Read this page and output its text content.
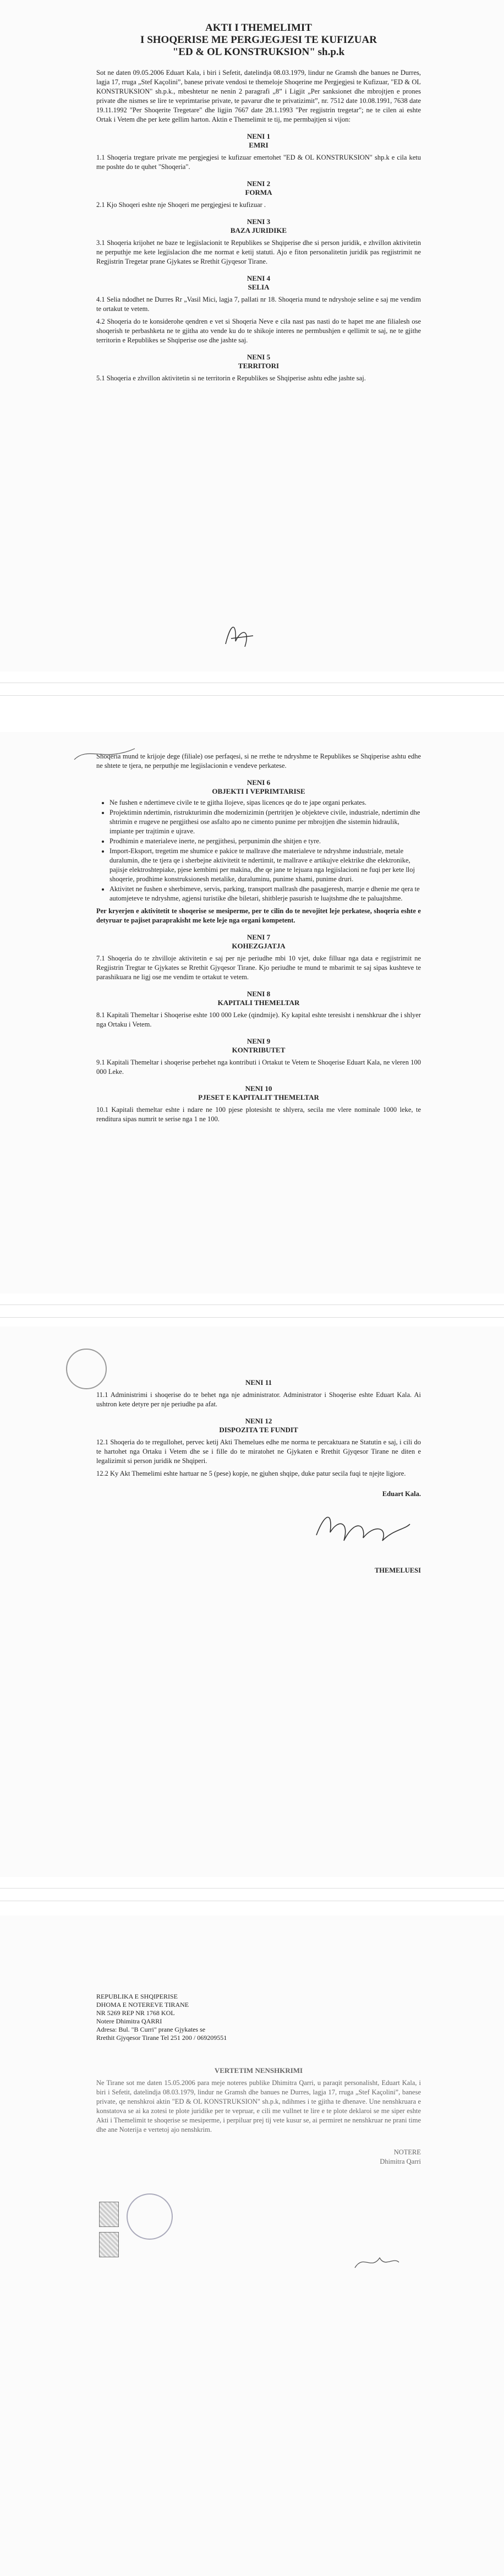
AKTI I THEMELIMIT

I SHOQERISE ME PERGJEGJESI TE KUFIZUAR

"ED & OL KONSTRUKSION" sh.p.k

Sot ne daten 09.05.2006 Eduart Kala, i biri i Sefetit, datelindja 08.03.1979, lindur ne Gramsh dhe banues ne Durres, lagja 17, rruga „Stef Kaçolini”, banese private vendosi te themeloje Shoqerine me Pergjegjesi te Kufizuar, "ED & OL KONSTRUKSION" sh.p.k., mbeshtetur ne nenin 2 paragrafi „8” i Ligjit „Per sanksionet dhe mbrojtjen e prones private dhe nismes se lire te veprimtarise private, te pavarur dhe te privatizimit”, nr. 7512 date 10.08.1991, 7638 date 19.11.1992 "Per Shoqerite Tregetare" dhe ligjin 7667 date 28.1.1993 "Per regjistrin tregetar"; ne te cilen ai eshte Ortak i Vetem dhe per kete gellim harton. Aktin e Themelimit te tij, me permbajtjen si vijon:

NENI 1
EMRI

1.1 Shoqeria tregtare private me pergjegjesi te kufizuar emertohet "ED & OL KONSTRUKSION" shp.k e cila ketu me poshte do te quhet "Shoqeria".

NENI 2
FORMA

2.1 Kjo Shoqeri eshte nje Shoqeri me pergjegjesi te kufizuar .

NENI 3
BAZA JURIDIKE

3.1 Shoqeria krijohet ne baze te legjislacionit te Republikes se Shqiperise dhe si person juridik, e zhvillon aktivitetin ne perputhje me kete legjislacion dhe me normat e ketij statuti. Ajo e fiton personalitetin juridik pas regjistrimit ne Regjistrin Tregetar prane Gjykates se Rrethit Gjyqesor Tirane.

NENI 4
SELIA

4.1 Selia ndodhet ne Durres Rr „Vasil Mici, lagja 7, pallati nr 18. Shoqeria mund te ndryshoje seline e saj me vendim te ortakut te vetem.

4.2 Shoqeria do te konsiderohe qendren e vet si Shoqeria Neve e cila nast pas nasti do te hapet me ane filialesh ose shoqerish te perbashketa ne te gjitha ato vende ku do te shikoje interes ne permbushjen e qellimit te saj, ne te gjithe territorin e Republikes se Shqiperise ose dhe jashte saj.

NENI 5
TERRITORI

5.1 Shoqeria e zhvillon aktivitetin si ne territorin e Republikes se Shqiperise ashtu edhe jashte saj.

Shoqeria mund te krijoje dege (filiale) ose perfaqesi, si ne rrethe te ndryshme te Republikes se Shqiperise ashtu edhe ne shtete te tjera, ne perputhje me legjislacionin e vendeve perkatese.

NENI 6
OBJEKTI I VEPRIMTARISE
• Ne fushen e ndertimeve civile te te gjitha llojeve, sipas licences qe do te jape organi perkates.
• Projektimin ndertimin, ristrukturimin dhe modernizimin (pertritjen )e objekteve civile, industriale, ndertimin dhe shtrimin e rrugeve ne pergjithesi ose asfalto apo ne cimento punime per mbrojtjen dhe sistemin hidraulik, impiante per trajtimin e ujrave.
• Prodhimin e materialeve inerte, ne pergjithesi, perpunimin dhe shitjen e tyre.
• Import-Eksport, tregetim me shumice e pakice te mallrave dhe materialeve te ndryshme industriale, metale duralumin, dhe te tjera qe i sherbejne aktivitetit te ndertimit, te mallrave e artikujve elektrike dhe elektronike, pajisje elektroshtepiake, pjese kembimi per makina, dhe qe jane te lejuara nga legjislacioni ne fuqi per kete lloj shoqerie, prodhime konstruksionesh metalike, duraluminu, punime xhami, punime druri.
• Aktivitet ne fushen e sherbimeve, servis, parking, transport mallrash dhe pasagjeresh, marrje e dhenie me qera te automjeteve te ndryshme, agjensi turistike dhe biletari, shitblerje pasurish te luajtshme dhe te paluajtshme.

Per kryerjen e aktivitetit te shoqerise se mesiperme, per te cilin do te nevojitet leje perkatese, shoqeria eshte e detyruar te pajiset paraprakisht me kete leje nga organi kompetent.

NENI 7
KOHEZGJATJA

7.1 Shoqeria do te zhvilloje aktivitetin e saj per nje periudhe mbi 10 vjet, duke filluar nga data e regjistrimit ne Regjistrin Tregtar te Gjykates se Rrethit Gjyqesor Tirane. Kjo periudhe te mund te mbarimit te saj sipas kushteve te parashikuara ne ligj ose me vendim te ortakut te vetem.

NENI 8
KAPITALI THEMELTAR

8.1 Kapitali Themeltar i Shoqerise eshte 100 000 Leke (qindmije). Ky kapital eshte teresisht i nenshkruar dhe i shlyer nga Ortaku i Vetem.

NENI 9
KONTRIBUTET

9.1 Kapitali Themeltar i shoqerise perbehet nga kontributi i Ortakut te Vetem te Shoqerise Eduart Kala, ne vleren 100 000 Leke.

NENI 10
PJESET E KAPITALIT THEMELTAR

10.1 Kapitali themeltar eshte i ndare ne 100 pjese plotesisht te shlyera, secila me vlere nominale 1000 leke, te renditura sipas numrit te serise nga 1 ne 100.

NENI 11

11.1 Administrimi i shoqerise do te behet nga nje administrator. Administrator i Shoqerise eshte Eduart Kala. Ai ushtron kete detyre per nje periudhe pa afat.

NENI 12
DISPOZITA TE FUNDIT

12.1 Shoqeria do te rregullohet, pervec ketij Akti Themelues edhe me norma te percaktuara ne Statutin e saj, i cili do te hartohet nga Ortaku i Vetem dhe se i fille do te miratohet ne Gjykaten e Rrethit Gjyqesor Tirane ne diten e legalizimit si person juridik ne Shqiperi.

12.2 Ky Akt Themelimi eshte hartuar ne 5 (pese) kopje, ne gjuhen shqipe, duke patur secila fuqi te njejte ligjore.

Eduart Kala.

THEMELUESI

REPUBLIKA E SHQIPERISE
DHOMA E NOTEREVE TIRANE
NR 5269 REP NR 1768 KOL
Notere Dhimitra QARRI
Adresa: Bul. "B Curri" prane Gjykates se
Rrethit Gjyqesor Tirane Tel 251 200 / 069209551

VERTETIM NENSHKRIMI

Ne Tirane sot me daten 15.05.2006 para meje noteres publike Dhimitra Qarri, u paraqit personalisht, Eduart Kala, i biri i Sefetit, datelindja 08.03.1979, lindur ne Gramsh dhe banues ne Durres, lagja 17, rruga „Stef Kaçolini”, banese private, qe nenshkroi aktin "ED & OL KONSTRUKSION" sh.p.k, ndihmes i te gjitha te dhenave. Une nenshkruara e konstatova se ai ka zotesi te plote juridike per te vepruar, e cili me vullnet te lire e te plote deklaroi se me siper eshte Akti i Themelimit te shoqerise se mesiperme, i perpiluar prej tij vete kusur se, ai permiret ne nenshkruar ne prani time dhe ane Noterija e vertetoj ajo nenshkrim.

NOTERE

Dhimitra Qarri
